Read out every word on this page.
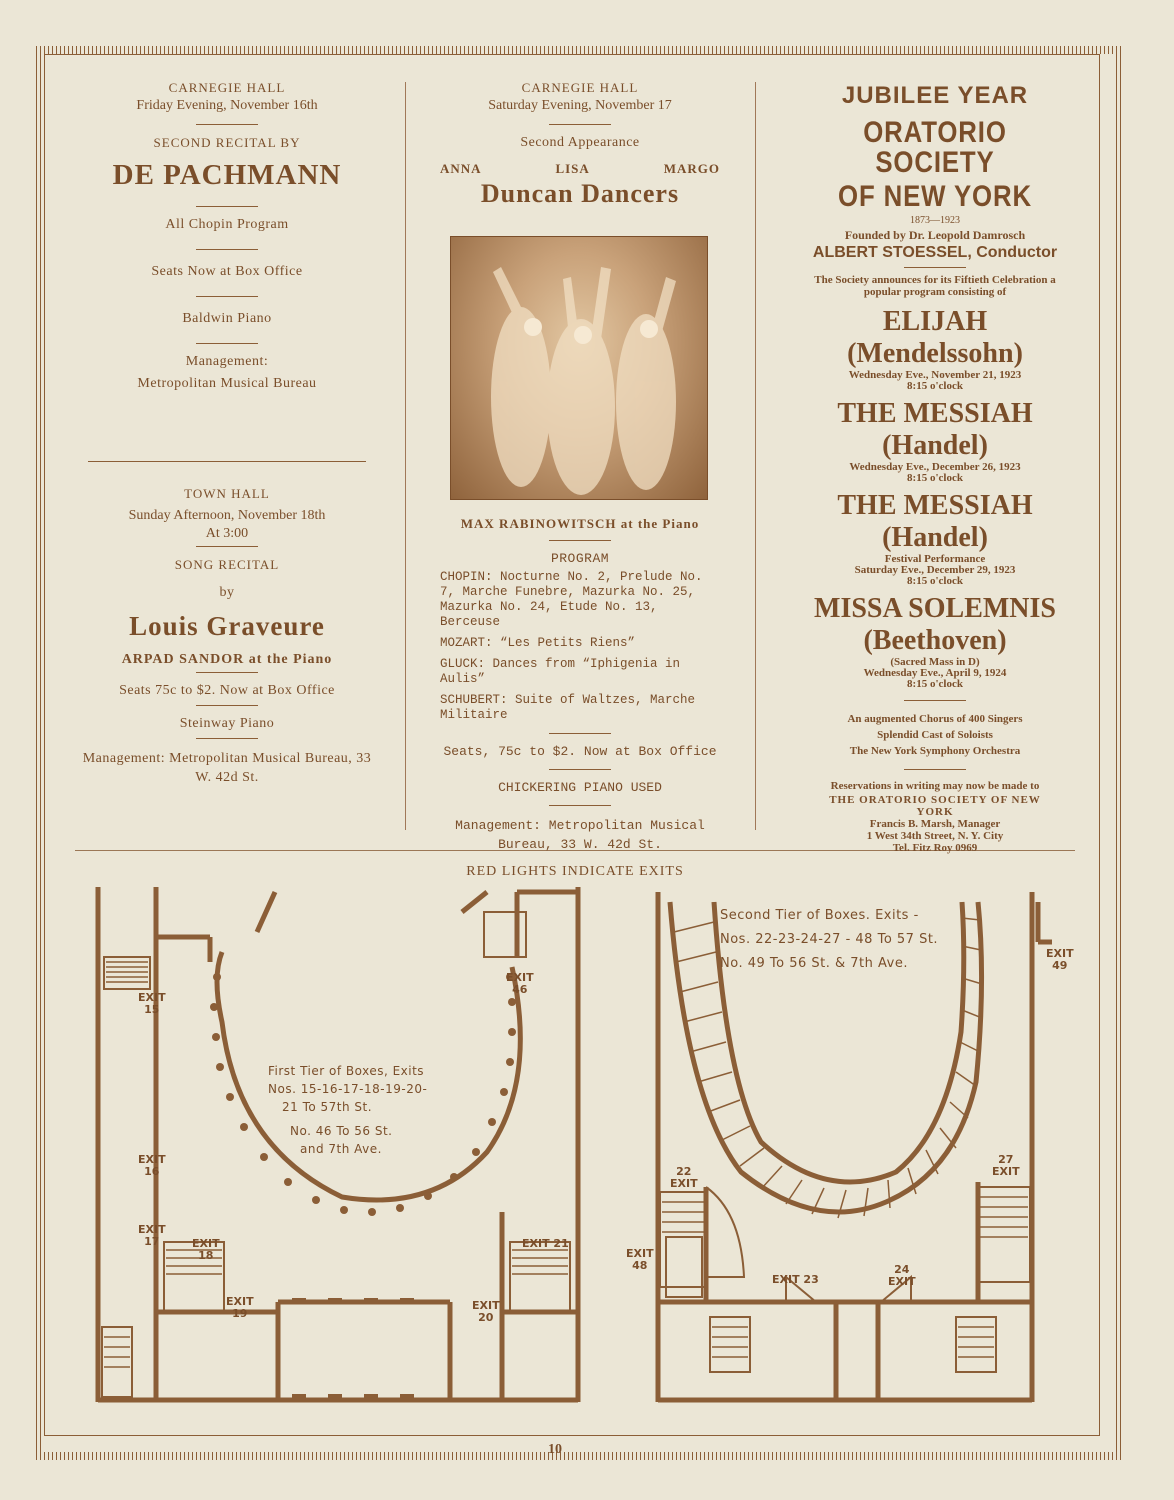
CARNEGIE HALL
Friday Evening, November 16th
SECOND RECITAL BY
DE PACHMANN
All Chopin Program
Seats Now at Box Office
Baldwin Piano
Management:
Metropolitan Musical Bureau
TOWN HALL
Sunday Afternoon, November 18th
At 3:00
SONG RECITAL
by
Louis Graveure
ARPAD SANDOR at the Piano
Seats 75c to $2. Now at Box Office
Steinway Piano
Management: Metropolitan Musical Bureau, 33 W. 42d St.
CARNEGIE HALL
Saturday Evening, November 17
Second Appearance
ANNA	LISA	MARGO
Duncan Dancers
MAX RABINOWITSCH at the Piano
PROGRAM
CHOPIN: Nocturne No. 2, Prelude No. 7, Marche Funebre, Mazurka No. 25, Mazurka No. 24, Etude No. 13, Berceuse
MOZART: “Les Petits Riens”
GLUCK: Dances from “Iphigenia in Aulis”
SCHUBERT: Suite of Waltzes, Marche Militaire
Seats, 75c to $2. Now at Box Office
CHICKERING PIANO USED
Management: Metropolitan Musical Bureau, 33 W. 42d St.
JUBILEE YEAR
ORATORIO SOCIETY
OF NEW YORK
1873—1923
Founded by Dr. Leopold Damrosch
ALBERT STOESSEL, Conductor
The Society announces for its Fiftieth Celebration a popular program consisting of
ELIJAH
(Mendelssohn)
Wednesday Eve., November 21, 1923
8:15 o'clock
THE MESSIAH
(Handel)
Wednesday Eve., December 26, 1923
8:15 o'clock
THE MESSIAH
(Handel)
Festival Performance
Saturday Eve., December 29, 1923
8:15 o'clock
MISSA SOLEMNIS
(Beethoven)
(Sacred Mass in D)
Wednesday Eve., April 9, 1924
8:15 o'clock
An augmented Chorus of 400 Singers
Splendid Cast of Soloists
The New York Symphony Orchestra
Reservations in writing may now be made to
THE ORATORIO SOCIETY OF NEW YORK
Francis B. Marsh, Manager
1 West 34th Street, N. Y. City
Tel. Fitz Roy 0969
RED LIGHTS INDICATE EXITS
EXIT
15
EXIT
16
EXIT
17	EXIT
18
EXIT
19
EXIT
20
EXIT 21
EXIT
46
First Tier of Boxes, Exits
Nos. 15-16-17-18-19-20-
21 To 57th St.
No. 46 To 56 St.
and 7th Ave.
22
EXIT
EXIT 23
24
EXIT
27
EXIT
EXIT
48
EXIT
49
Second Tier of Boxes. Exits -
Nos. 22-23-24-27 - 48 To 57 St.
No. 49 To 56 St. & 7th Ave.
10
